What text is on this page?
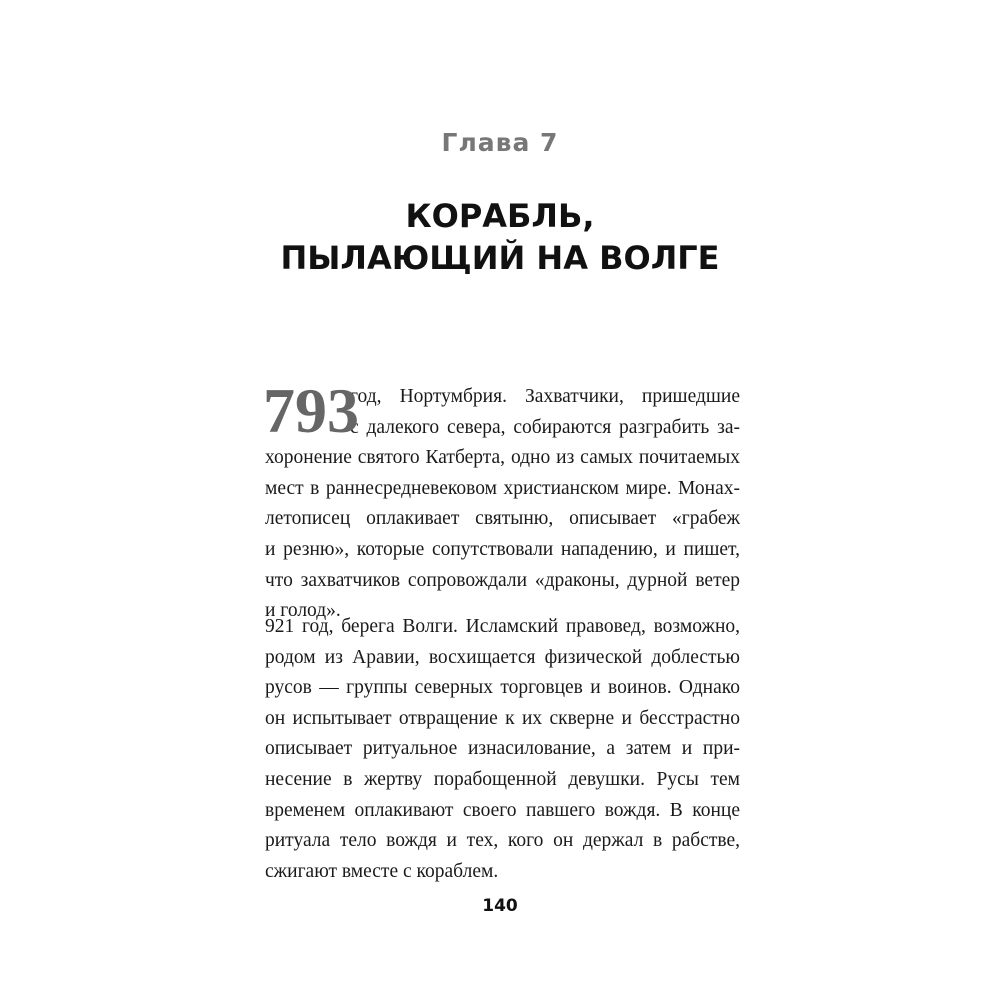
Глава 7
КОРАБЛЬ,
ПЫЛАЮЩИЙ НА ВОЛГЕ
793
год, Нортумбрия. Захватчики, пришедшие
с далекого севера, собираются разграбить за-
хоронение святого Катберта, одно из самых почитаемых
мест в раннесредневековом христианском мире. Монах-
летописец оплакивает святыню, описывает «грабеж
и резню», которые сопутствовали нападению, и пишет,
что захватчиков сопровождали «драконы, дурной ветер
и голод».
921 год, берега Волги. Исламский правовед, возможно,
родом из Аравии, восхищается физической доблестью
русов — группы северных торговцев и воинов. Однако
он испытывает отвращение к их скверне и бесстрастно
описывает ритуальное изнасилование, а затем и при-
несение в жертву порабощенной девушки. Русы тем
временем оплакивают своего павшего вождя. В конце
ритуала тело вождя и тех, кого он держал в рабстве,
сжигают вместе с кораблем.
140
